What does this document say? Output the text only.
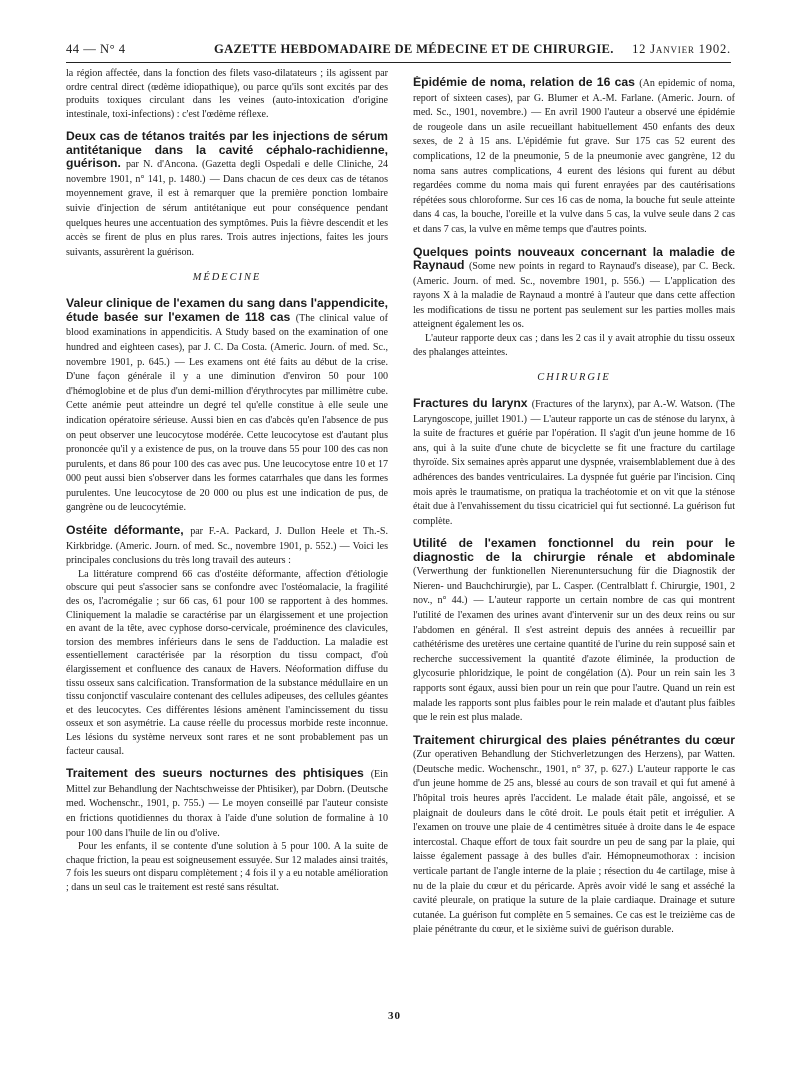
44 — N° 4	GAZETTE HEBDOMADAIRE DE MÉDECINE ET DE CHIRURGIE. 12 Janvier 1902.

la région affectée, dans la fonction des filets vaso-dilatateurs ; ils agissent par ordre central direct (œdème idiopathique), ou parce qu'ils sont excités par des produits toxiques circulant dans les veines (auto-intoxication d'origine intestinale, toxi-infections) : c'est l'œdème réflexe.

Deux cas de tétanos traités par les injections de sérum antitétanique dans la cavité céphalo-rachidienne, guérison. par N. d'Ancona. (Gazetta degli Ospedali e delle Cliniche, 24 novembre 1901, n° 141, p. 1480.) — Dans chacun de ces deux cas de tétanos moyennement grave, il est à remarquer que la première ponction lombaire suivie d'injection de sérum antitétanique eut pour conséquence pendant quelques heures une accentuation des symptômes. Puis la fièvre descendit et les accès se firent de plus en plus rares. Trois autres injections, faites les jours suivants, assurèrent la guérison.

MÉDECINE

Valeur clinique de l'examen du sang dans l'appendicite, étude basée sur l'examen de 118 cas (The clinical value of blood examinations in appendicitis. A Study based on the examination of one hundred and eighteen cases), par J. C. Da Costa. (Americ. Journ. of med. Sc., novembre 1901, p. 645.) — Les examens ont été faits au début de la crise. D'une façon générale il y a une diminution d'environ 50 pour 100 d'hémoglobine et de plus d'un demi-million d'érythrocytes par millimètre cube. Cette anémie peut atteindre un degré tel qu'elle constitue à elle seule une indication opératoire sérieuse. Aussi bien en cas d'abcès qu'en l'absence de pus on peut observer une leucocytose modérée. Cette leucocytose est d'autant plus prononcée qu'il y a existence de pus, on la trouve dans 55 pour 100 des cas non purulents, et dans 86 pour 100 des cas avec pus. Une leucocytose entre 10 et 17 000 peut aussi bien s'observer dans les formes catarrhales que dans les formes purulentes. Une leucocytose de 20 000 ou plus est une indication de pus, de gangrène ou de leucocytémie.

Ostéite déformante, par F.-A. Packard, J. Dullon Heele et Th.-S. Kirkbridge. (Americ. Journ. of med. Sc., novembre 1901, p. 552.) — Voici les principales conclusions du très long travail des auteurs :

La littérature comprend 66 cas d'ostéite déformante, affection d'étiologie obscure qui peut s'associer sans se confondre avec l'ostéomalacie, la fragilité des os, l'acromégalie ; sur 66 cas, 61 pour 100 se rapportent à des hommes. Cliniquement la maladie se caractérise par un élargissement et une projection en avant de la tête, avec cyphose dorso-cervicale, proéminence des clavicules, torsion des membres inférieurs dans le sens de l'adduction. La maladie est essentiellement caractérisée par la résorption du tissu compact, d'où élargissement et confluence des canaux de Havers. Néoformation diffuse du tissu osseux sans calcification. Transformation de la substance médullaire en un tissu conjonctif vasculaire contenant des cellules adipeuses, des cellules géantes et des leucocytes. Ces différentes lésions amènent l'amincissement du tissu osseux et son asymétrie. La cause réelle du processus morbide reste inconnue. Les lésions du système nerveux sont rares et ne sont probablement pas un facteur causal.

Traitement des sueurs nocturnes des phtisiques (Ein Mittel zur Behandlung der Nachtschweisse der Phtisiker), par Dobrn. (Deutsche med. Wochenschr., 1901, p. 755.) — Le moyen conseillé par l'auteur consiste en frictions quotidiennes du thorax à l'aide d'une solution de formaline à 10 pour 100 dans l'huile de lin ou d'olive.

Pour les enfants, il se contente d'une solution à 5 pour 100. A la suite de chaque friction, la peau est soigneusement essuyée. Sur 12 malades ainsi traités, 7 fois les sueurs ont disparu complètement ; 4 fois il y a eu notable amélioration ; dans un seul cas le traitement est resté sans résultat.

Épidémie de noma, relation de 16 cas (An epidemic of noma, report of sixteen cases), par G. Blumer et A.-M. Farlane. (Americ. Journ. of med. Sc., 1901, novembre.) — En avril 1900 l'auteur a observé une épidémie de rougeole dans un asile recueillant habituellement 450 enfants des deux sexes, de 2 à 15 ans. L'épidémie fut grave. Sur 175 cas 52 eurent des complications, 12 de la pneumonie, 5 de la pneumonie avec gangrène, 12 du noma sans autres complications, 4 eurent des lésions qui furent au début regardées comme du noma mais qui furent enrayées par des cautérisations répétées sous chloroforme. Sur ces 16 cas de noma, la bouche fut seule atteinte dans 4 cas, la bouche, l'oreille et la vulve dans 5 cas, la vulve seule dans 2 cas et dans 7 cas, la vulve en même temps que d'autres points.

Quelques points nouveaux concernant la maladie de Raynaud (Some new points in regard to Raynaud's disease), par C. Beck. (Americ. Journ. of med. Sc., novembre 1901, p. 556.) — L'application des rayons X à la maladie de Raynaud a montré à l'auteur que dans cette affection les modifications de tissu ne portent pas seulement sur les parties molles mais atteignent également les os.

L'auteur rapporte deux cas ; dans les 2 cas il y avait atrophie du tissu osseux des phalanges atteintes.

CHIRURGIE

Fractures du larynx (Fractures of the larynx), par A.-W. Watson. (The Laryngoscope, juillet 1901.) — L'auteur rapporte un cas de sténose du larynx, à la suite de fractures et guérie par l'opération. Il s'agit d'un jeune homme de 16 ans, qui à la suite d'une chute de bicyclette se fit une fracture du cartilage thyroïde. Six semaines après apparut une dyspnée, vraisemblablement due à des adhérences des bandes ventriculaires. La dyspnée fut guérie par l'incision. Cinq mois après le traumatisme, on pratiqua la trachéotomie et on vit que la sténose était due à l'envahissement du tissu cicatriciel qui fut sectionné. La guérison fut complète.

Utilité de l'examen fonctionnel du rein pour le diagnostic de la chirurgie rénale et abdominale (Verwerthung der funktionellen Nierenuntersuchung für die Diagnostik der Nieren- und Bauchchirurgie), par L. Casper. (Centralblatt f. Chirurgie, 1901, 2 nov., n° 44.) — L'auteur rapporte un certain nombre de cas qui montrent l'utilité de l'examen des urines avant d'intervenir sur un des deux reins ou sur l'abdomen en général. Il s'est astreint depuis des années à recueillir par cathétérisme des uretères une certaine quantité de l'urine du rein supposé sain et recherche successivement la quantité d'azote éliminée, la production de glycosurie phloridzique, le point de congélation (Δ). Pour un rein sain les 3 rapports sont égaux, aussi bien pour un rein que pour l'autre. Quand un rein est malade les rapports sont plus faibles pour le rein malade et d'autant plus faibles que le rein est plus malade.

Traitement chirurgical des plaies pénétrantes du cœur (Zur operativen Behandlung der Stichverletzungen des Herzens), par Watten. (Deutsche medic. Wochenschr., 1901, n° 37, p. 627.) L'auteur rapporte le cas d'un jeune homme de 25 ans, blessé au cours de son travail et qui fut amené à l'hôpital trois heures après l'accident. Le malade était pâle, angoissé, et se plaignait de douleurs dans le côté droit. Le pouls était petit et irrégulier. A l'examen on trouve une plaie de 4 centimètres située à droite dans le 4e espace intercostal. Chaque effort de toux fait sourdre un peu de sang par la plaie, qui laisse également passage à des bulles d'air. Hémopneumothorax : incision verticale partant de l'angle interne de la plaie ; résection du 4e cartilage, mise à nu de la plaie du cœur et du péricarde. Après avoir vidé le sang et asséché la cavité pleurale, on pratique la suture de la plaie cardiaque. Drainage et suture cutanée. La guérison fut complète en 5 semaines. Ce cas est le treizième cas de plaie pénétrante du cœur, et le sixième suivi de guérison durable.

30
